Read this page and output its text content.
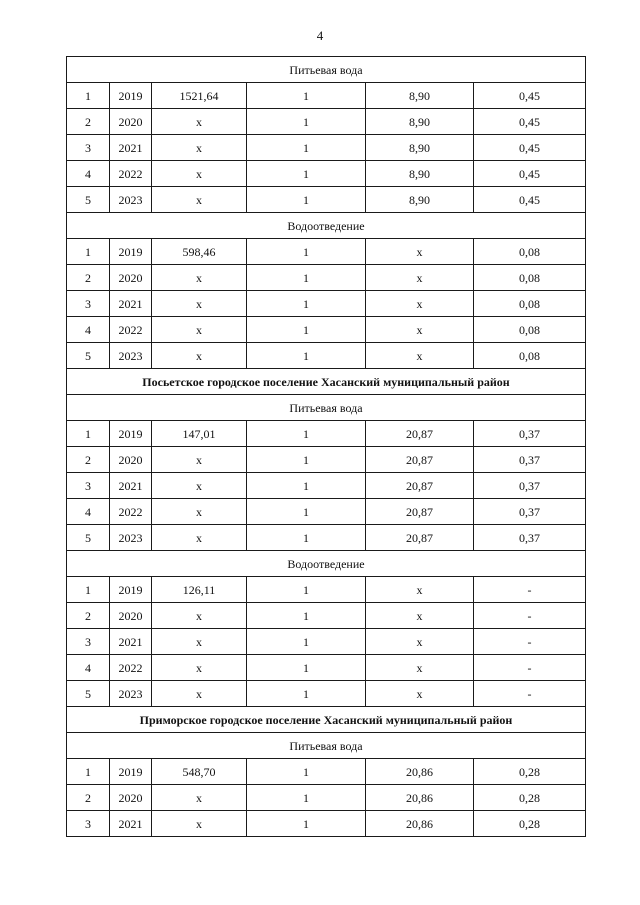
4
Питьевая вода					
1	2019	1521,64	1	8,90	0,45
2	2020	х	1	8,90	0,45
3	2021	х	1	8,90	0,45
4	2022	х	1	8,90	0,45
5	2023	х	1	8,90	0,45
Водоотведение					
1	2019	598,46	1	х	0,08
2	2020	х	1	х	0,08
3	2021	х	1	х	0,08
4	2022	х	1	х	0,08
5	2023	х	1	х	0,08
Посьетское городское поселение Хасанский муниципальный район					
Питьевая вода					
1	2019	147,01	1	20,87	0,37
2	2020	х	1	20,87	0,37
3	2021	х	1	20,87	0,37
4	2022	х	1	20,87	0,37
5	2023	х	1	20,87	0,37
Водоотведение					
1	2019	126,11	1	х	-
2	2020	х	1	х	-
3	2021	х	1	х	-
4	2022	х	1	х	-
5	2023	х	1	х	-
Приморское городское поселение Хасанский муниципальный район					
Питьевая вода					
1	2019	548,70	1	20,86	0,28
2	2020	х	1	20,86	0,28
3	2021	х	1	20,86	0,28
